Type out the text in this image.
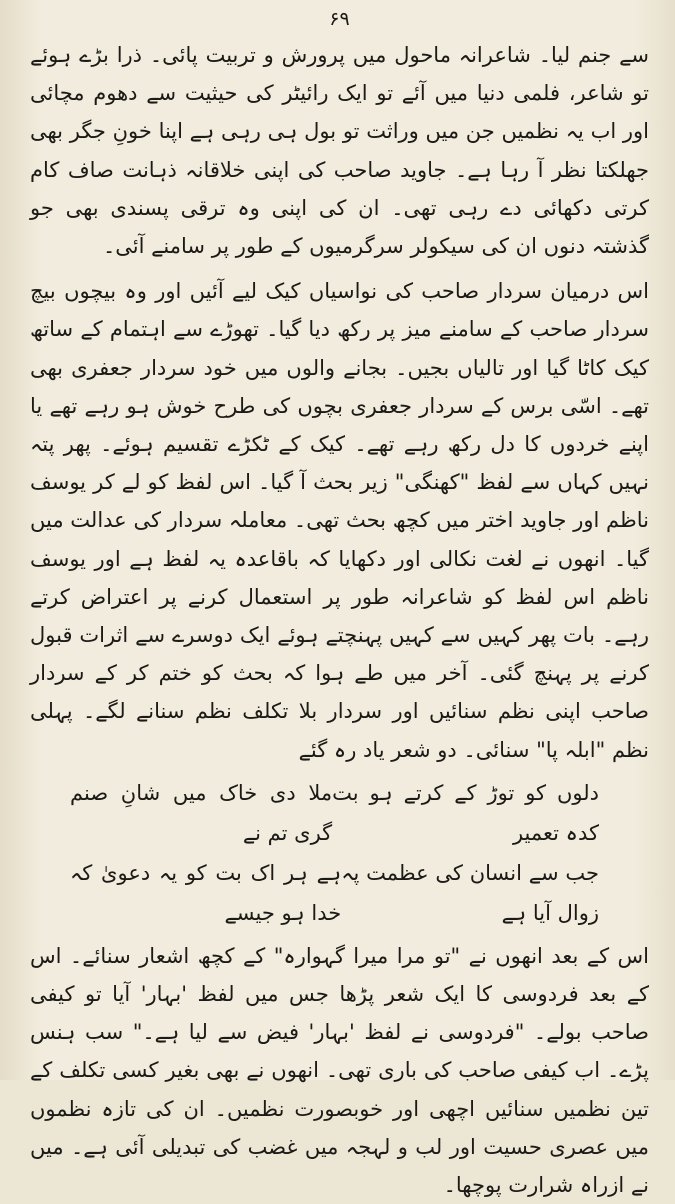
۶۹

سے جنم لیا۔ شاعرانہ ماحول میں پرورش و تربیت پائی۔ ذرا بڑے ہوئے تو شاعر، فلمی دنیا میں آئے تو ایک رائیٹر کی حیثیت سے دھوم مچائی اور اب یہ نظمیں جن میں وراثت تو بول ہی رہی ہے اپنا خونِ جگر بھی جھلکتا نظر آ رہا ہے۔ جاوید صاحب کی اپنی خلاقانہ ذہانت صاف کام کرتی دکھائی دے رہی تھی۔ ان کی اپنی وہ ترقی پسندی بھی جو گذشتہ دنوں ان کی سیکولر سرگرمیوں کے طور پر سامنے آئی۔

اس درمیان سردار صاحب کی نواسیاں کیک لیے آئیں اور وہ بیچوں بیچ سردار صاحب کے سامنے میز پر رکھ دیا گیا۔ تھوڑے سے اہتمام کے ساتھ کیک کاٹا گیا اور تالیاں بجیں۔ بجانے والوں میں خود سردار جعفری بھی تھے۔ اسّی برس کے سردار جعفری بچوں کی طرح خوش ہو رہے تھے یا اپنے خردوں کا دل رکھ رہے تھے۔ کیک کے ٹکڑے تقسیم ہوئے۔ پھر پتہ نہیں کہاں سے لفظ "کھنگی" زیر بحث آ گیا۔ اس لفظ کو لے کر یوسف ناظم اور جاوید اختر میں کچھ بحث تھی۔ معاملہ سردار کی عدالت میں گیا۔ انھوں نے لغت نکالی اور دکھایا کہ باقاعدہ یہ لفظ ہے اور یوسف ناظم اس لفظ کو شاعرانہ طور پر استعمال کرنے پر اعتراض کرتے رہے۔ بات پھر کہیں سے کہیں پہنچتے ہوئے ایک دوسرے سے اثرات قبول کرنے پر پہنچ گئی۔ آخر میں طے ہوا کہ بحث کو ختم کر کے سردار صاحب اپنی نظم سنائیں اور سردار بلا تکلف نظم سنانے لگے۔ پہلی نظم "ابلہ پا" سنائی۔ دو شعر یاد رہ گئے

دلوں کو توڑ کے کرتے ہو بت کدہ تعمیر
ملا دی خاک میں شانِ صنم گری تم نے
جب سے انسان کی عظمت پہ زوال آیا ہے
ہے ہر اک بت کو یہ دعویٰ کہ خدا ہو جیسے

اس کے بعد انھوں نے "تو مرا میرا گہوارہ" کے کچھ اشعار سنائے۔ اس کے بعد فردوسی کا ایک شعر پڑھا جس میں لفظ 'بہار' آیا تو کیفی صاحب بولے۔ "فردوسی نے لفظ 'بہار' فیض سے لیا ہے۔" سب ہنس پڑے۔ اب کیفی صاحب کی باری تھی۔ انھوں نے بھی بغیر کسی تکلف کے تین نظمیں سنائیں اچھی اور خوبصورت نظمیں۔ ان کی تازہ نظموں میں عصری حسیت اور لب و لہجہ میں غضب کی تبدیلی آئی ہے۔ میں نے ازراہ شرارت پوچھا۔
